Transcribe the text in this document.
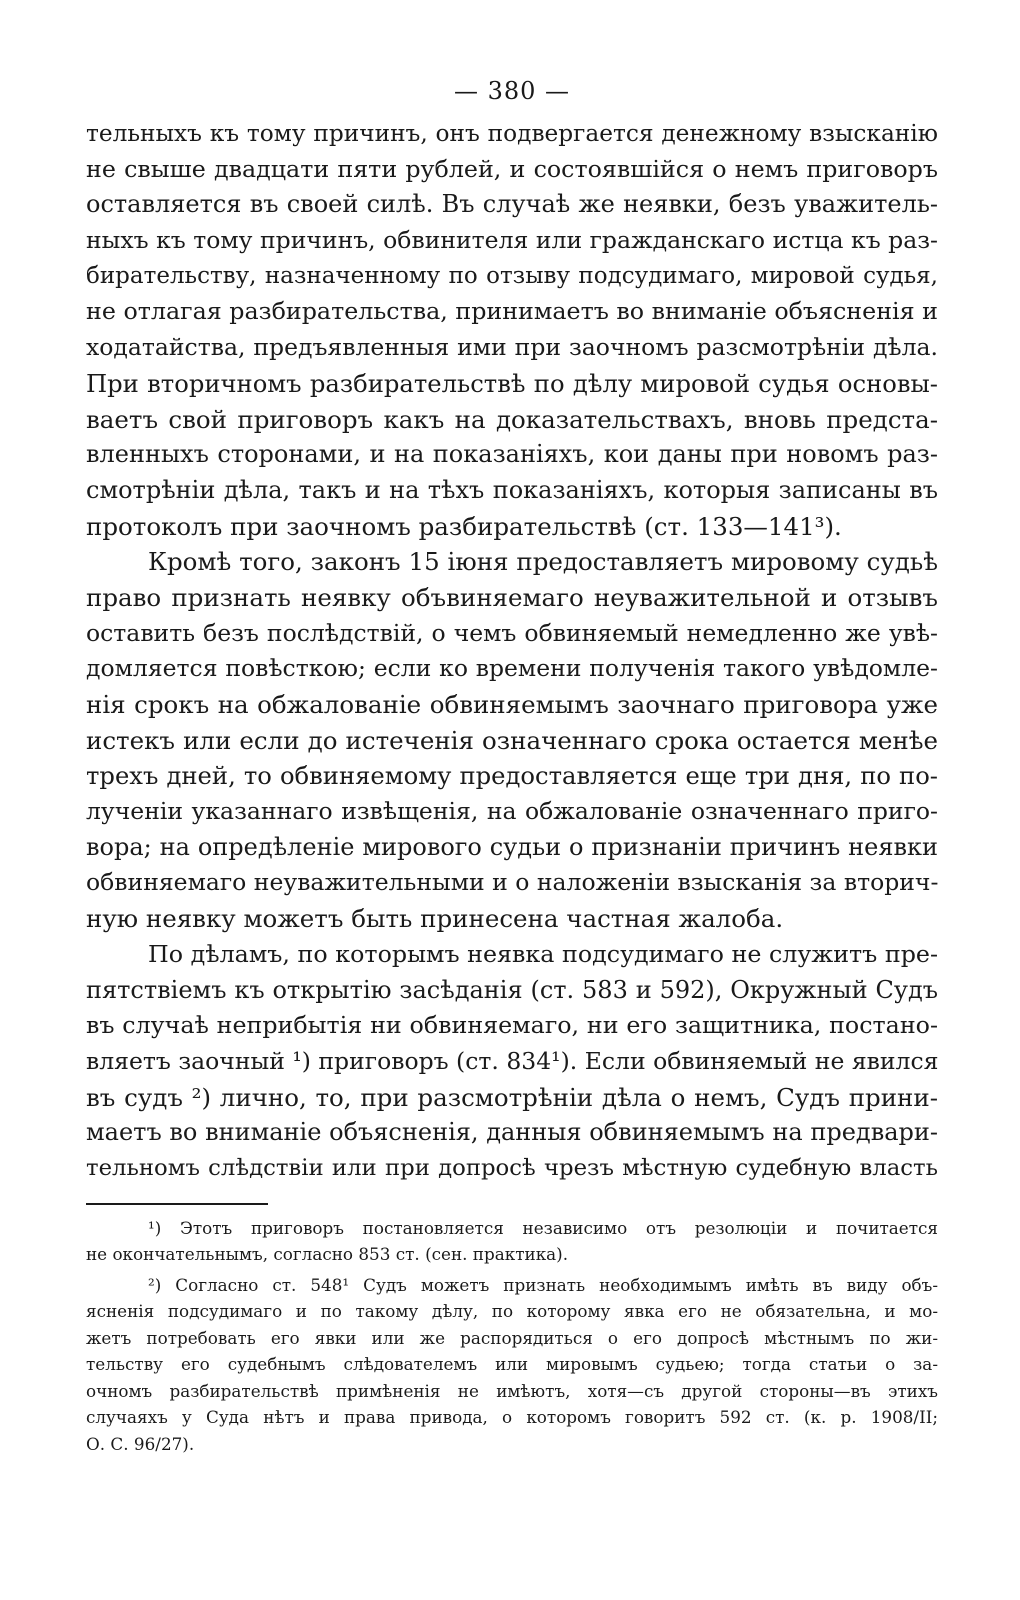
— 380 —
тельныхъ къ тому причинъ, онъ подвергается денежному взысканію
не свыше двадцати пяти рублей, и состоявшійся о немъ приговоръ
оставляется въ своей силѣ. Въ случаѣ же неявки, безъ уважитель-
ныхъ къ тому причинъ, обвинителя или гражданскаго истца къ раз-
бирательству, назначенному по отзыву подсудимаго, мировой судья,
не отлагая разбирательства, принимаетъ во вниманіе объясненія и
ходатайства, предъявленныя ими при заочномъ разсмотрѣніи дѣла.
При вторичномъ разбирательствѣ по дѣлу мировой судья основы-
ваетъ свой приговоръ какъ на доказательствахъ, вновь предста-
вленныхъ сторонами, и на показаніяхъ, кои даны при новомъ раз-
смотрѣніи дѣла, такъ и на тѣхъ показаніяхъ, которыя записаны въ
протоколъ при заочномъ разбирательствѣ (ст. 133—141³).
Кромѣ того, законъ 15 іюня предоставляетъ мировому судьѣ
право признать неявку объвиняемаго неуважительной и отзывъ
оставить безъ послѣдствій, о чемъ обвиняемый немедленно же увѣ-
домляется повѣсткою; если ко времени полученія такого увѣдомле-
нія срокъ на обжалованіе обвиняемымъ заочнаго приговора уже
истекъ или если до истеченія означеннаго срока остается менѣе
трехъ дней, то обвиняемому предоставляется еще три дня, по по-
лученіи указаннаго извѣщенія, на обжалованіе означеннаго приго-
вора; на опредѣленіе мирового судьи о признаніи причинъ неявки
обвиняемаго неуважительными и о наложеніи взысканія за вторич-
ную неявку можетъ быть принесена частная жалоба.
По дѣламъ, по которымъ неявка подсудимаго не служитъ пре-
пятствіемъ къ открытію засѣданія (ст. 583 и 592), Окружный Судъ
въ случаѣ неприбытія ни обвиняемаго, ни его защитника, постано-
вляетъ заочный ¹) приговоръ (ст. 834¹). Если обвиняемый не явился
въ судъ ²) лично, то, при разсмотрѣніи дѣла о немъ, Судъ прини-
маетъ во вниманіе объясненія, данныя обвиняемымъ на предвари-
тельномъ слѣдствіи или при допросѣ чрезъ мѣстную судебную власть
¹) Этотъ приговоръ постановляется независимо отъ резолюціи и почитается
не окончательнымъ, согласно 853 ст. (сен. практика).
²) Согласно ст. 548¹ Судъ можетъ признать необходимымъ имѣть въ виду объ-
ясненія подсудимаго и по такому дѣлу, по которому явка его не обязательна, и мо-
жетъ потребовать его явки или же распорядиться о его допросѣ мѣстнымъ по жи-
тельству его судебнымъ слѣдователемъ или мировымъ судьею; тогда статьи о за-
очномъ разбирательствѣ примѣненія не имѣютъ, хотя—съ другой стороны—въ этихъ
случаяхъ у Суда нѣтъ и права привода, о которомъ говоритъ 592 ст. (к. р. 1908/II;
О. С. 96/27).
